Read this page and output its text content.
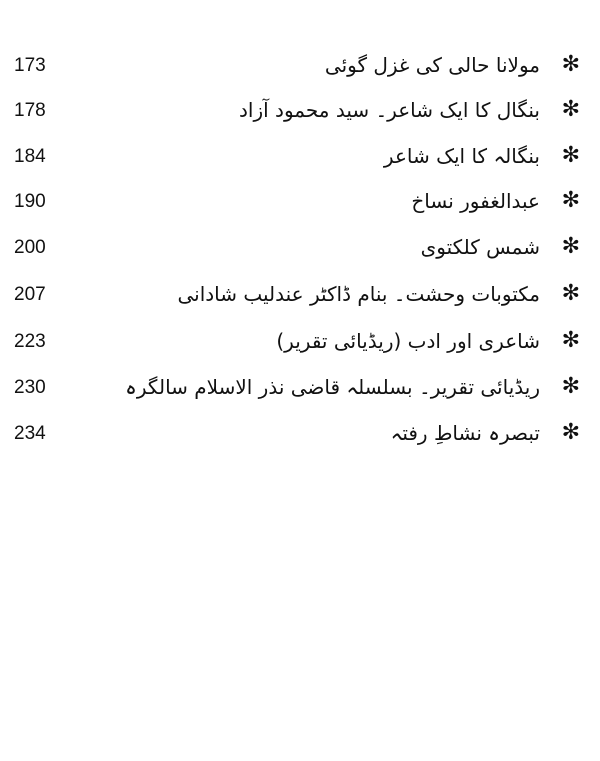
173	مولانا حالی کی غزل گوئی ✻
178	بنگال کا ایک شاعر۔ سید محمود آزاد ✻
184	بنگالہ کا ایک شاعر ✻
190	عبدالغفور نساخ ✻
200	شمس کلکتوی ✻
207	مکتوبات وحشت۔ بنام ڈاکٹر عندلیب شادانی ✻
223	شاعری اور ادب (ریڈیائی تقریر) ✻
230	ریڈیائی تقریر۔ بسلسلہ قاضی نذر الاسلام سالگرہ ✻
234	تبصرہ نشاطِ رفتہ ✻
